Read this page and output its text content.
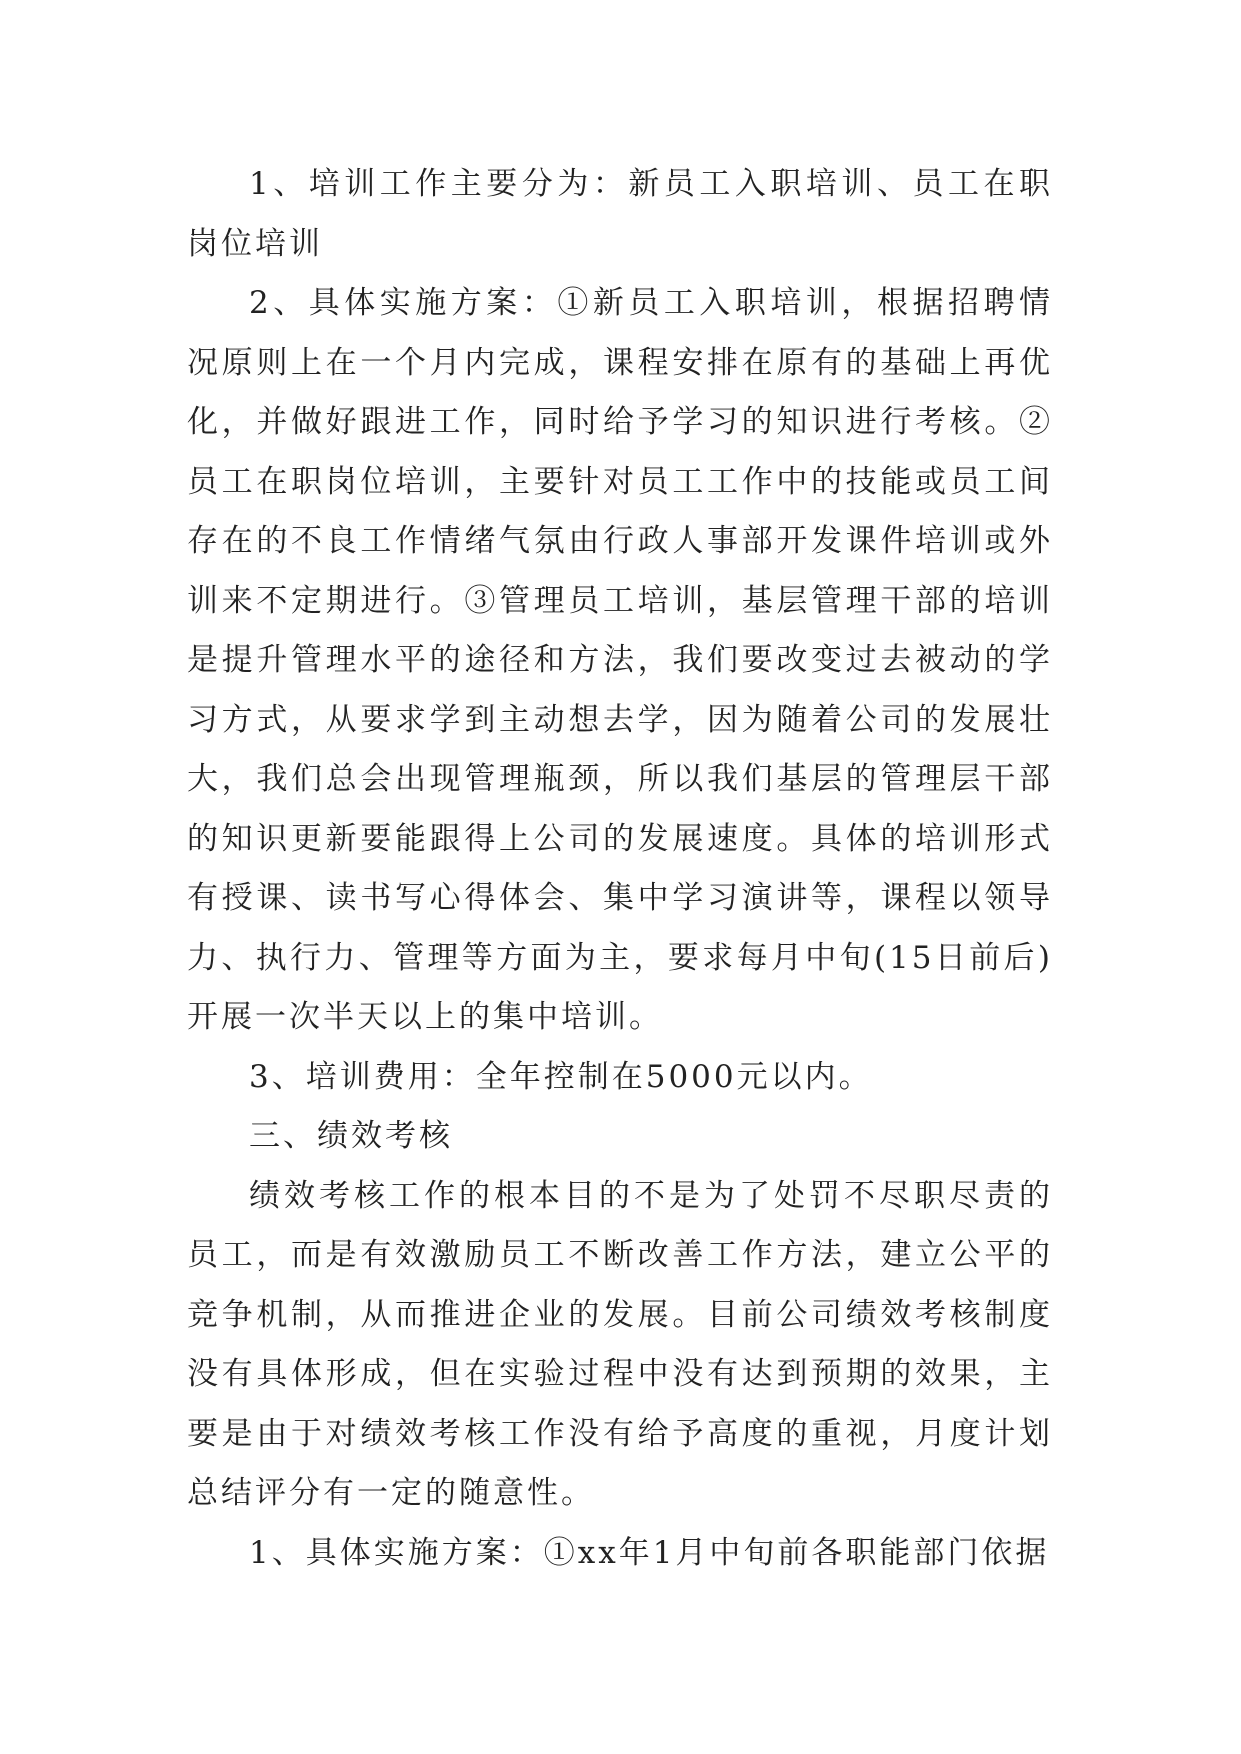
1、培训工作主要分为：新员工入职培训、员工在职岗位培训

2、具体实施方案：①新员工入职培训，根据招聘情况原则上在一个月内完成，课程安排在原有的基础上再优化，并做好跟进工作，同时给予学习的知识进行考核。②员工在职岗位培训，主要针对员工工作中的技能或员工间存在的不良工作情绪气氛由行政人事部开发课件培训或外训来不定期进行。③管理员工培训，基层管理干部的培训是提升管理水平的途径和方法，我们要改变过去被动的学习方式，从要求学到主动想去学，因为随着公司的发展壮大，我们总会出现管理瓶颈，所以我们基层的管理层干部的知识更新要能跟得上公司的发展速度。具体的培训形式有授课、读书写心得体会、集中学习演讲等，课程以领导力、执行力、管理等方面为主，要求每月中旬(15日前后)开展一次半天以上的集中培训。

3、培训费用：全年控制在5000元以内。

三、绩效考核

绩效考核工作的根本目的不是为了处罚不尽职尽责的员工，而是有效激励员工不断改善工作方法，建立公平的竞争机制，从而推进企业的发展。目前公司绩效考核制度没有具体形成，但在实验过程中没有达到预期的效果，主要是由于对绩效考核工作没有给予高度的重视，月度计划总结评分有一定的随意性。

1、具体实施方案：①xx年1月中旬前各职能部门依据
